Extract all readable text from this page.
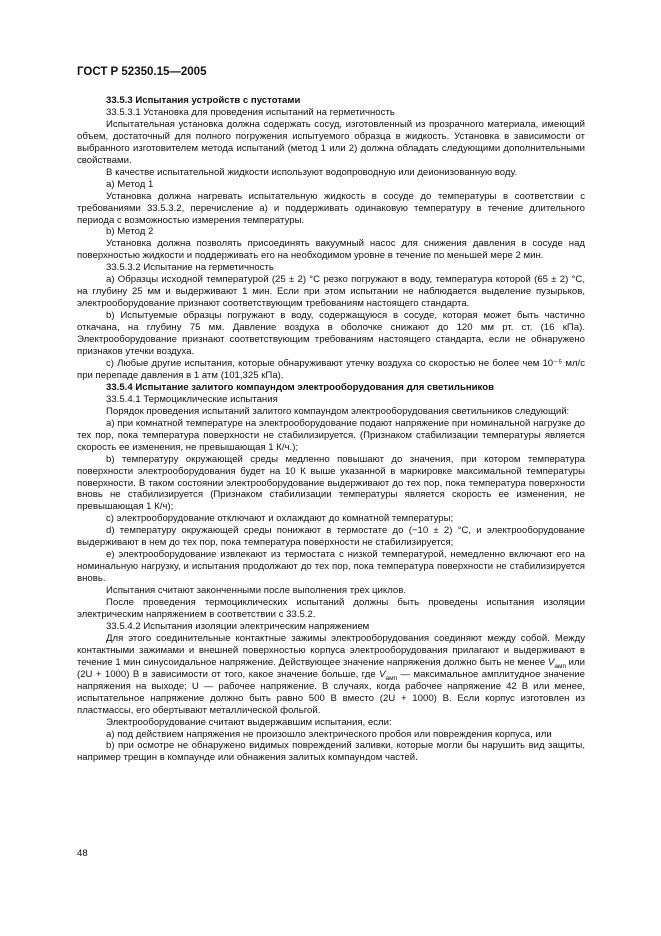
ГОСТ Р 52350.15—2005

33.5.3 Испытания устройств с пустотами

33.5.3.1 Установка для проведения испытаний на герметичность

Испытательная установка должна содержать сосуд, изготовленный из прозрачного материала, имеющий объем, достаточный для полного погружения испытуемого образца в жидкость. Установка в зависимости от выбранного изготовителем метода испытаний (метод 1 или 2) должна обладать следующими дополнительными свойствами.

В качестве испытательной жидкости используют водопроводную или деионизованную воду.

а) Метод 1

Установка должна нагревать испытательную жидкость в сосуде до температуры в соответствии с требованиями 33.5.3.2, перечисление а) и поддерживать одинаковую температуру в течение длительного периода с возможностью измерения температуры.

b) Метод 2

Установка должна позволять присоединять вакуумный насос для снижения давления в сосуде над поверхностью жидкости и поддерживать его на необходимом уровне в течение по меньшей мере 2 мин.

33.5.3.2 Испытание на герметичность

а) Образцы исходной температурой (25 ± 2) °С резко погружают в воду, температура которой (65 ± 2) °С, на глубину 25 мм и выдерживают 1 мин. Если при этом испытании не наблюдается выделение пузырьков, электрооборудование признают соответствующим требованиям настоящего стандарта.

b) Испытуемые образцы погружают в воду, содержащуюся в сосуде, которая может быть частично откачана, на глубину 75 мм. Давление воздуха в оболочке снижают до 120 мм рт. ст. (16 кПа). Электрооборудование признают соответствующим требованиям настоящего стандарта, если не обнаружено признаков утечки воздуха.

с) Любые другие испытания, которые обнаруживают утечку воздуха со скоростью не более чем 10⁻⁵ мл/с при перепаде давления в 1 атм (101,325 кПа).

33.5.4 Испытание залитого компаундом электрооборудования для светильников

33.5.4.1 Термоциклические испытания

Порядок проведения испытаний залитого компаундом электрооборудования светильников следующий:

а) при комнатной температуре на электрооборудование подают напряжение при номинальной нагрузке до тех пор, пока температура поверхности не стабилизируется. (Признаком стабилизации температуры является скорость ее изменения, не превышающая 1 К/ч.);

b) температуру окружающей среды медленно повышают до значения, при котором температура поверхности электрооборудования будет на 10 К выше указанной в маркировке максимальной температуры поверхности. В таком состоянии электрооборудование выдерживают до тех пор, пока температура поверхности вновь не стабилизируется (Признаком стабилизации температуры является скорость ее изменения, не превышающая 1 К/ч);

с) электрооборудование отключают и охлаждают до комнатной температуры;

d) температуру окружающей среды понижают в термостате до (−10 ± 2) °С, и электрооборудование выдерживают в нем до тех пор, пока температура поверхности не стабилизируется;

е) электрооборудование извлекают из термостата с низкой температурой, немедленно включают его на номинальную нагрузку, и испытания продолжают до тех пор, пока температура поверхности не стабилизируется вновь.

Испытания считают законченными после выполнения трех циклов.

После проведения термоциклических испытаний должны быть проведены испытания изоляции электрическим напряжением в соответствии с 33.5.2.

33.5.4.2 Испытания изоляции электрическим напряжением

Для этого соединительные контактные зажимы электрооборудования соединяют между собой. Между контактными зажимами и внешней поверхностью корпуса электрооборудования прилагают и выдерживают в течение 1 мин синусоидальное напряжение. Действующее значение напряжения должно быть не менее $V_{амп}$ или (2U + 1000) В в зависимости от того, какое значение больше, где $V_{амп}$ — максимальное амплитудное значение напряжения на выходе; U — рабочее напряжение. В случаях, когда рабочее напряжение 42 В или менее, испытательное напряжение должно быть равно 500 В вместо (2U + 1000) В. Если корпус изготовлен из пластмассы, его обертывают металлической фольгой.

Электрооборудование считают выдержавшим испытания, если:

а) под действием напряжения не произошло электрического пробоя или повреждения корпуса, или

b) при осмотре не обнаружено видимых повреждений заливки, которые могли бы нарушить вид защиты, например трещин в компаунде или обнажения залитых компаундом частей.

48
